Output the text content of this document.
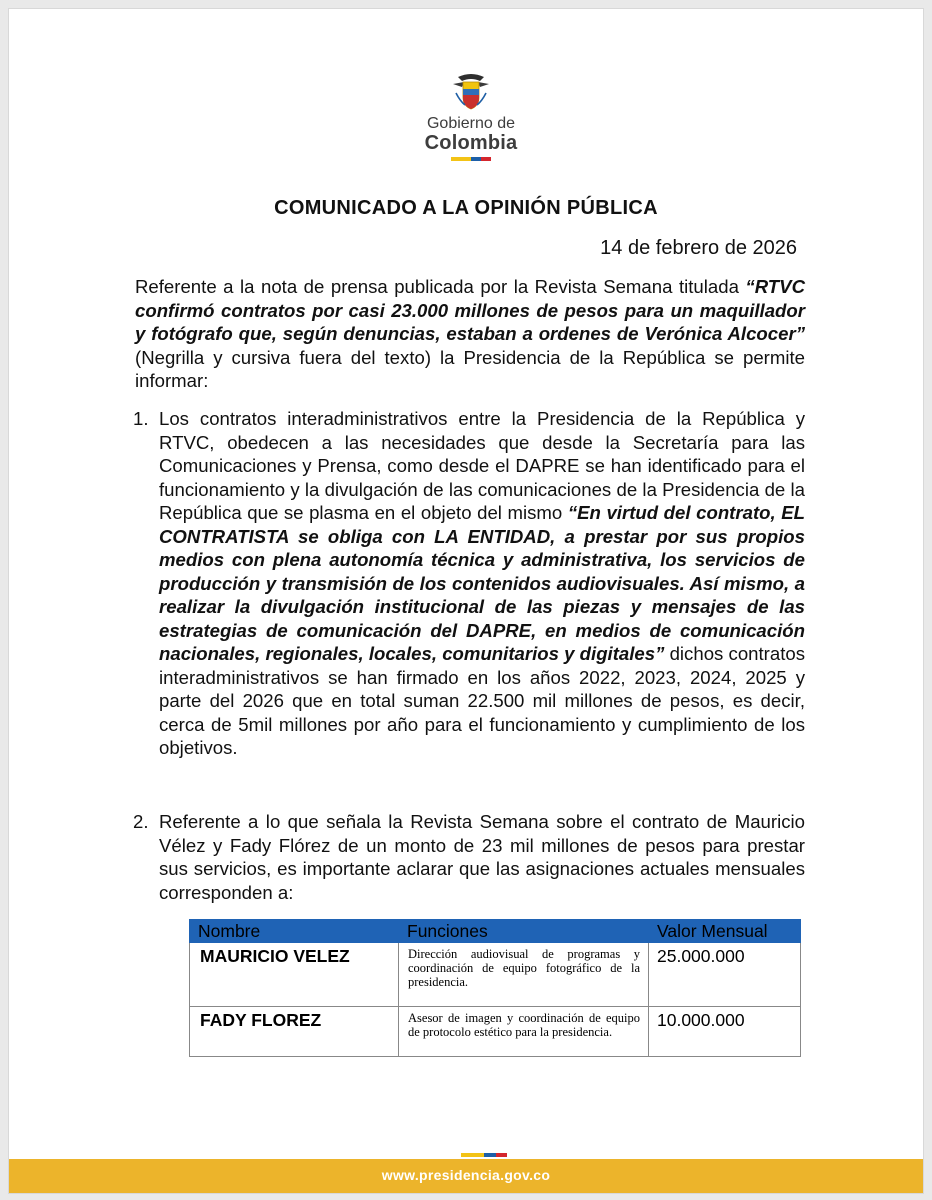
Gobierno de
Colombia
COMUNICADO A LA OPINIÓN PÚBLICA
14 de febrero de 2026
Referente a la nota de prensa publicada por la Revista Semana titulada “RTVC confirmó contratos por casi 23.000 millones de pesos para un maquillador y fotógrafo que, según denuncias, estaban a ordenes de Verónica Alcocer” (Negrilla y cursiva fuera del texto) la Presidencia de la República se permite informar:
1. Los contratos interadministrativos entre la Presidencia de la República y RTVC, obedecen a las necesidades que desde la Secretaría para las Comunicaciones y Prensa, como desde el DAPRE se han identificado para el funcionamiento y la divulgación de las comunicaciones de la Presidencia de la República que se plasma en el objeto del mismo “En virtud del contrato, EL CONTRATISTA se obliga con LA ENTIDAD, a prestar por sus propios medios con plena autonomía técnica y administrativa, los servicios de producción y transmisión de los contenidos audiovisuales. Así mismo, a realizar la divulgación institucional de las piezas y mensajes de las estrategias de comunicación del DAPRE, en medios de comunicación nacionales, regionales, locales, comunitarios y digitales” dichos contratos interadministrativos se han firmado en los años 2022, 2023, 2024, 2025 y parte del 2026 que en total suman 22.500 mil millones de pesos, es decir, cerca de 5mil millones por año para el funcionamiento y cumplimiento de los objetivos.
2. Referente a lo que señala la Revista Semana sobre el contrato de Mauricio Vélez y Fady Flórez de un monto de 23 mil millones de pesos para prestar sus servicios, es importante aclarar que las asignaciones actuales mensuales corresponden a:
Nombre	Funciones	Valor Mensual
MAURICIO VELEZ	Dirección audiovisual de programas y coordinación de equipo fotográfico de la presidencia.	25.000.000
FADY FLOREZ	Asesor de imagen y coordinación de equipo de protocolo estético para la presidencia.	10.000.000
www.presidencia.gov.co
